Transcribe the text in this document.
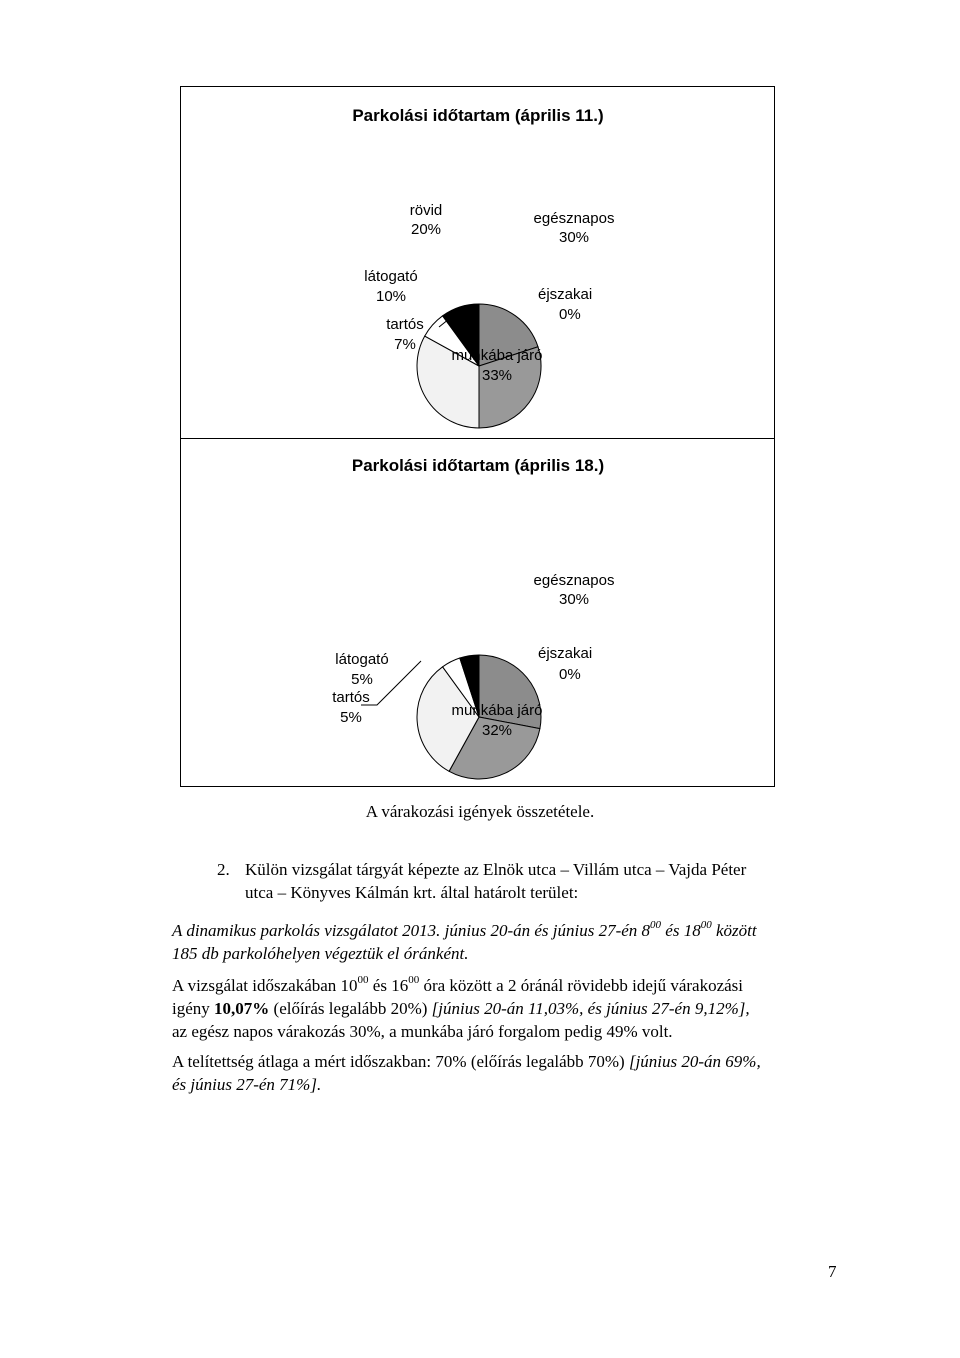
Parkolási időtartam (április 11.)
rövid
20%
egésznapos
30%
éjszakai
0%
munkába járó
33%
tartós
7%
látogató
10%
Parkolási időtartam (április 18.)
rövid
28%
egésznapos
30%
éjszakai
0%
munkába járó
32%
tartós
5%
látogató
5%
A várakozási igények összetétele.
2. Külön vizsgálat tárgyát képezte az Elnök utca – Villám utca – Vajda Péter
utca – Könyves Kálmán krt. által határolt terület:
A dinamikus parkolás vizsgálatot 2013. június 20-án és június 27-én $8^{00}$ és $18^{00}$ között
185 db parkolóhelyen végeztük el óránként.
A vizsgálat időszakában $10^{00}$ és $16^{00}$ óra között a 2 óránál rövidebb idejű várakozási
igény 10,07% (előírás legalább 20%) [június 20-án 11,03%, és június 27-én 9,12%],
az egész napos várakozás 30%, a munkába járó forgalom pedig 49% volt.
A telítettség átlaga a mért időszakban: 70% (előírás legalább 70%) [június 20-án 69%,
és június 27-én 71%].
7
